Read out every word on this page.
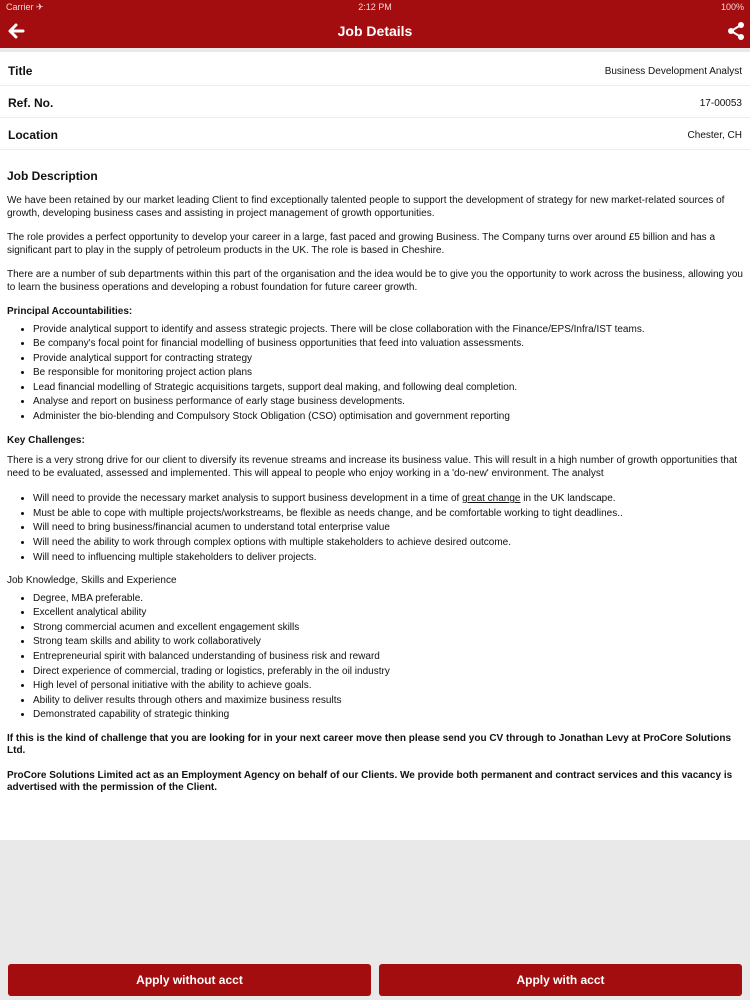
Carrier ✈	2:12 PM	100%
Job Details
Title	Business Development Analyst
Ref. No.	17-00053
Location	Chester, CH
Job Description

We have been retained by our market leading Client to find exceptionally talented people to support the development of strategy for new market-related sources of growth, developing business cases and assisting in project management of growth opportunities.

The role provides a perfect opportunity to develop your career in a large, fast paced and growing Business. The Company turns over around £5 billion and has a significant part to play in the supply of petroleum products in the UK. The role is based in Cheshire.

There are a number of sub departments within this part of the organisation and the idea would be to give you the opportunity to work across the business, allowing you to learn the business operations and developing a robust foundation for future career growth.

Principal Accountabilities:

• Provide analytical support to identify and assess strategic projects. There will be close collaboration with the Finance/EPS/Infra/IST teams.
• Be company's focal point for financial modelling of business opportunities that feed into valuation assessments.
• Provide analytical support for contracting strategy
• Be responsible for monitoring project action plans
• Lead financial modelling of Strategic acquisitions targets, support deal making, and following deal completion.
• Analyse and report on business performance of early stage business developments.
• Administer the bio-blending and Compulsory Stock Obligation (CSO) optimisation and government reporting

Key Challenges:

There is a very strong drive for our client to diversify its revenue streams and increase its business value. This will result in a high number of growth opportunities that need to be evaluated, assessed and implemented. This will appeal to people who enjoy working in a 'do-new' environment. The analyst

• Will need to provide the necessary market analysis to support business development in a time of great change in the UK landscape.
• Must be able to cope with multiple projects/workstreams, be flexible as needs change, and be comfortable working to tight deadlines..
• Will need to bring business/financial acumen to understand total enterprise value
• Will need the ability to work through complex options with multiple stakeholders to achieve desired outcome.
• Will need to influencing multiple stakeholders to deliver projects.

Job Knowledge, Skills and Experience

• Degree, MBA preferable.
• Excellent analytical ability
• Strong commercial acumen and excellent engagement skills
• Strong team skills and ability to work collaboratively
• Entrepreneurial spirit with balanced understanding of business risk and reward
• Direct experience of commercial, trading or logistics, preferably in the oil industry
• High level of personal initiative with the ability to achieve goals.
• Ability to deliver results through others and maximize business results
• Demonstrated capability of strategic thinking

If this is the kind of challenge that you are looking for in your next career move then please send you CV through to Jonathan Levy at ProCore Solutions Ltd.

ProCore Solutions Limited act as an Employment Agency on behalf of our Clients. We provide both permanent and contract services and this vacancy is advertised with the permission of the Client.

Apply without acct	Apply with acct
